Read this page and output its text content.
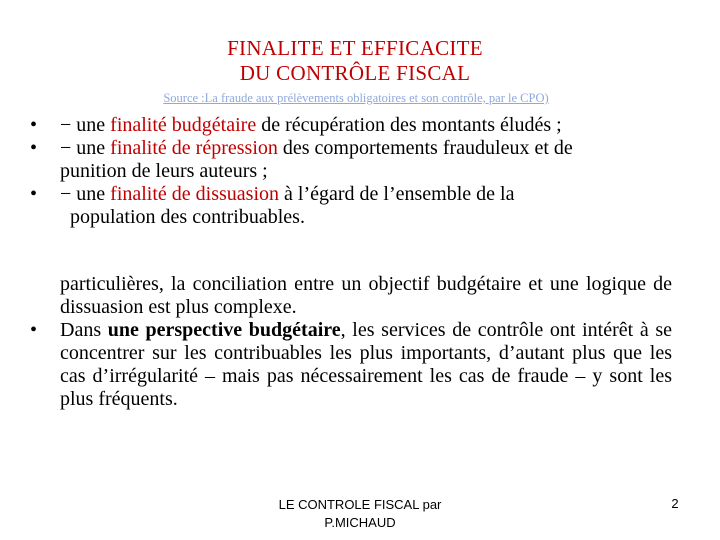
FINALITE ET EFFICACITE
DU CONTRÔLE FISCAL
Source :La fraude aux prélèvements obligatoires et son contrôle, par le CPO)
• − une finalité budgétaire de récupération des montants éludés ;
• − une finalité de répression des comportements frauduleux et de
punition de leurs auteurs ;
• − une finalité de dissuasion à l’égard de l’ensemble de la
population des contribuables.

particulières, la conciliation entre un objectif budgétaire et une logique de dissuasion est plus complexe.

• Dans une perspective budgétaire, les services de contrôle ont intérêt à se concentrer sur les contribuables les plus importants, d’autant plus que les cas d’irrégularité – mais pas nécessairement les cas de fraude – y sont les plus fréquents.
LE CONTROLE FISCAL par
P.MICHAUD
2
